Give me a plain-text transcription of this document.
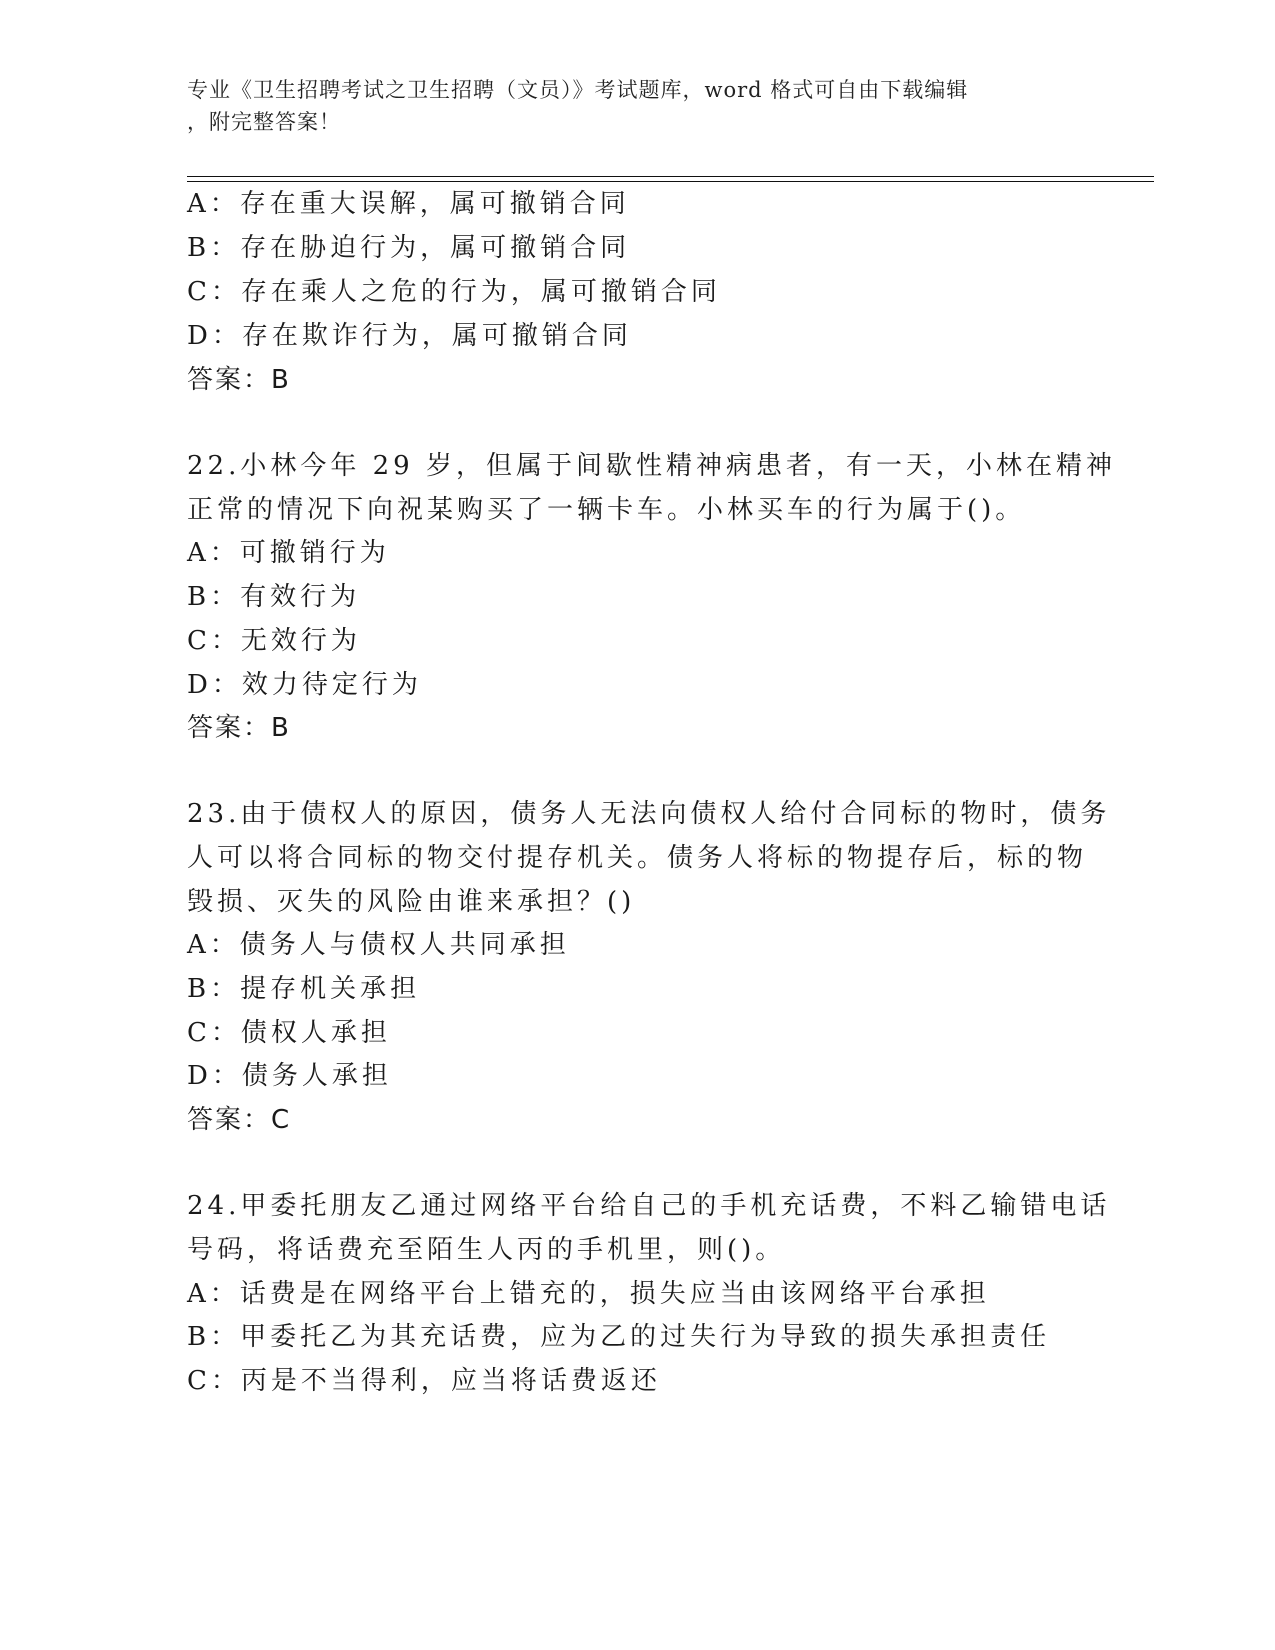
专业《卫生招聘考试之卫生招聘（文员）》考试题库，word 格式可自由下载编辑
，附完整答案！
A：存在重大误解，属可撤销合同
B：存在胁迫行为，属可撤销合同
C：存在乘人之危的行为，属可撤销合同
D：存在欺诈行为，属可撤销合同
答案：B
22.小林今年 29 岁，但属于间歇性精神病患者，有一天，小林在精神
正常的情况下向祝某购买了一辆卡车。小林买车的行为属于()。
A：可撤销行为
B：有效行为
C：无效行为
D：效力待定行为
答案：B
23.由于债权人的原因，债务人无法向债权人给付合同标的物时，债务
人可以将合同标的物交付提存机关。债务人将标的物提存后，标的物
毁损、灭失的风险由谁来承担？()
A：债务人与债权人共同承担
B：提存机关承担
C：债权人承担
D：债务人承担
答案：C
24.甲委托朋友乙通过网络平台给自己的手机充话费，不料乙输错电话
号码，将话费充至陌生人丙的手机里，则()。
A：话费是在网络平台上错充的，损失应当由该网络平台承担
B：甲委托乙为其充话费，应为乙的过失行为导致的损失承担责任
C：丙是不当得利，应当将话费返还
